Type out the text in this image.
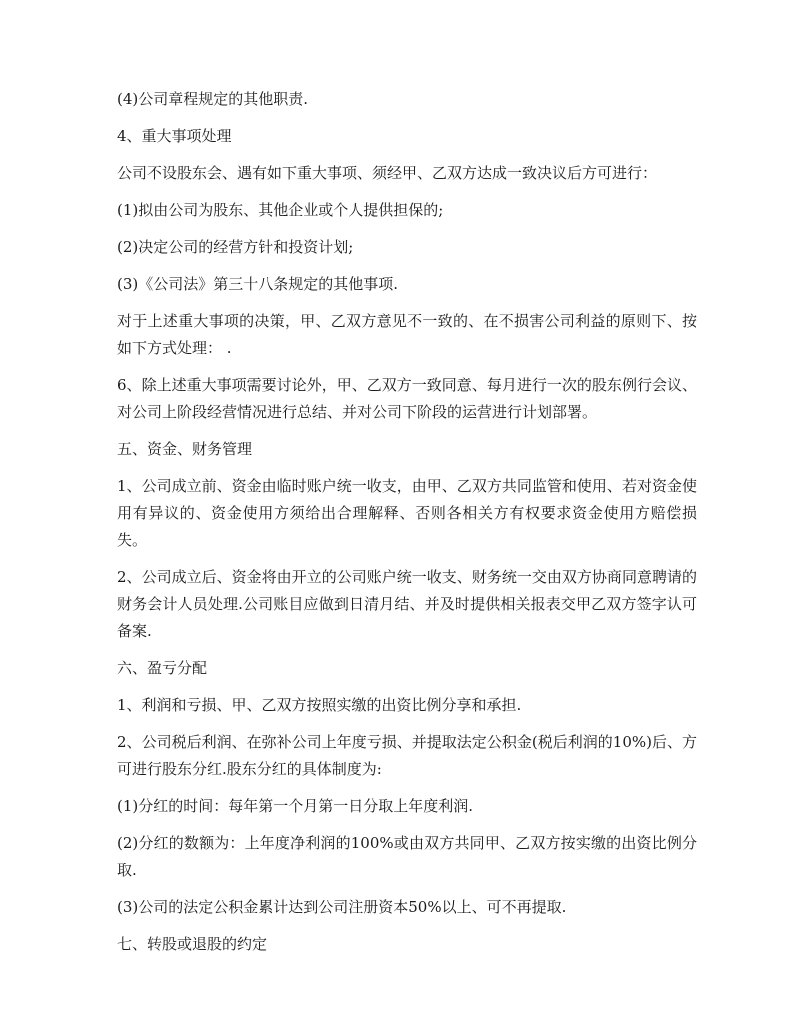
(4)公司章程规定的其他职责.

4、重大事项处理

公司不设股东会、遇有如下重大事项、须经甲、乙双方达成一致决议后方可进行：

(1)拟由公司为股东、其他企业或个人提供担保的;

(2)决定公司的经营方针和投资计划;

(3)《公司法》第三十八条规定的其他事项.

对于上述重大事项的决策，甲、乙双方意见不一致的、在不损害公司利益的原则下、按如下方式处理： .

6、除上述重大事项需要讨论外，甲、乙双方一致同意、每月进行一次的股东例行会议、对公司上阶段经营情况进行总结、并对公司下阶段的运营进行计划部署。

五、资金、财务管理

1、公司成立前、资金由临时账户统一收支，由甲、乙双方共同监管和使用、若对资金使用有异议的、资金使用方须给出合理解释、否则各相关方有权要求资金使用方赔偿损失。

2、公司成立后、资金将由开立的公司账户统一收支、财务统一交由双方协商同意聘请的财务会计人员处理.公司账目应做到日清月结、并及时提供相关报表交甲乙双方签字认可备案.

六、盈亏分配

1、利润和亏损、甲、乙双方按照实缴的出资比例分享和承担.

2、公司税后利润、在弥补公司上年度亏损、并提取法定公积金(税后利润的10%)后、方可进行股东分红.股东分红的具体制度为:

(1)分红的时间：每年第一个月第一日分取上年度利润.

(2)分红的数额为：上年度净利润的100%或由双方共同甲、乙双方按实缴的出资比例分取.

(3)公司的法定公积金累计达到公司注册资本50%以上、可不再提取.

七、转股或退股的约定
